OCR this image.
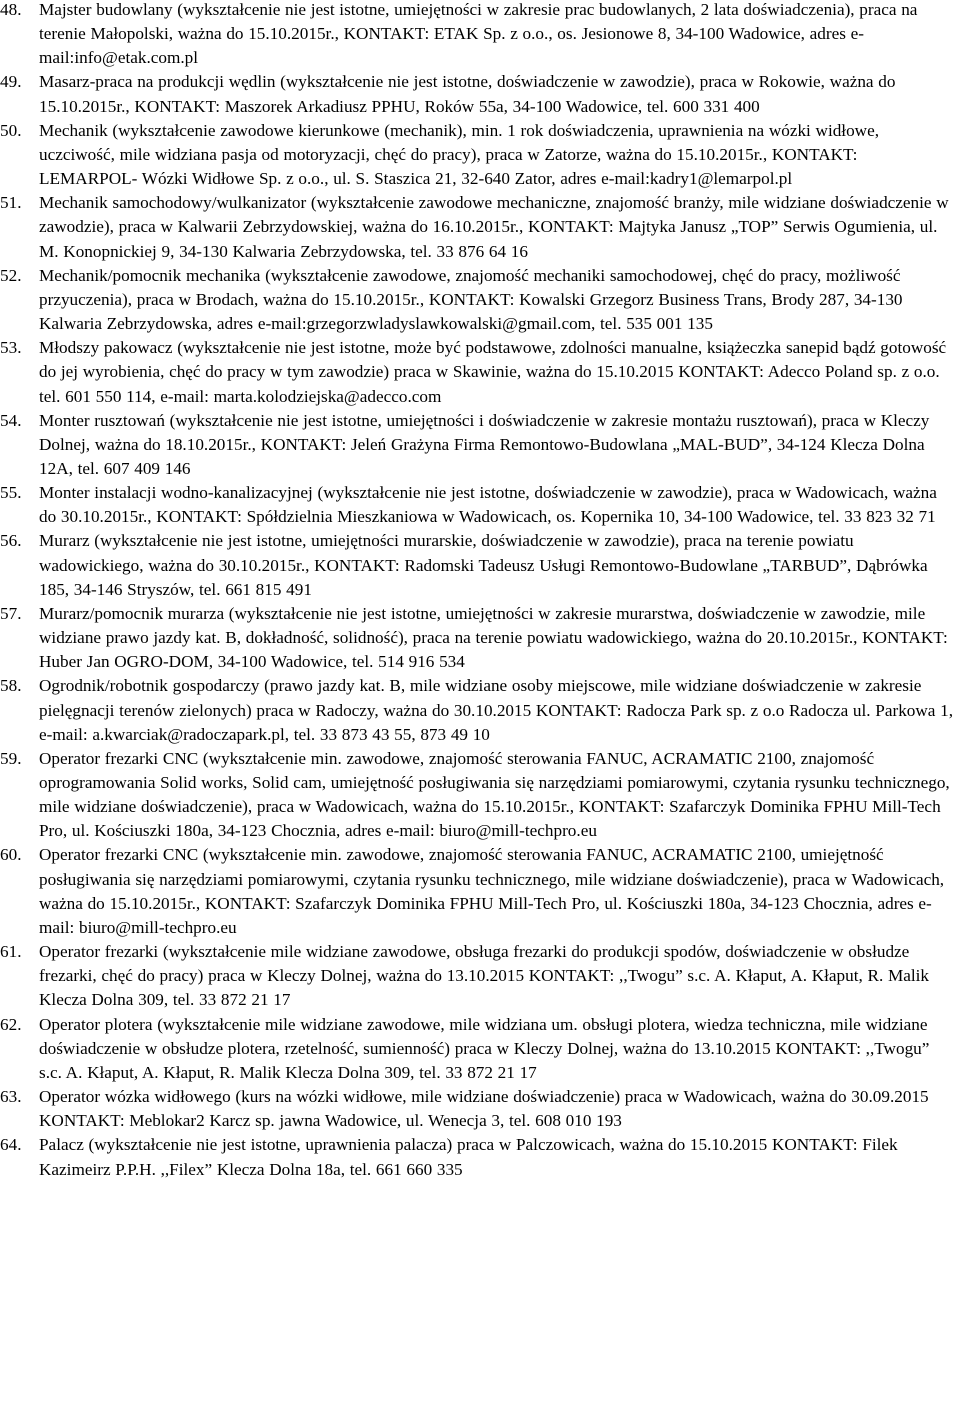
48.	Majster budowlany (wykształcenie nie jest istotne, umiejętności w zakresie prac budowlanych, 2 lata doświadczenia), praca na terenie Małopolski, ważna do 15.10.2015r., KONTAKT: ETAK Sp. z o.o., os. Jesionowe 8, 34-100 Wadowice, adres e-mail:info@etak.com.pl
49.	Masarz-praca na produkcji wędlin (wykształcenie nie jest istotne, doświadczenie w zawodzie), praca w Rokowie, ważna do 15.10.2015r., KONTAKT: Maszorek Arkadiusz PPHU, Roków 55a, 34-100 Wadowice, tel. 600 331 400
50.	Mechanik (wykształcenie zawodowe kierunkowe (mechanik), min. 1 rok doświadczenia, uprawnienia na wózki widłowe, uczciwość, mile widziana pasja od motoryzacji, chęć do pracy), praca w Zatorze, ważna do 15.10.2015r., KONTAKT: LEMARPOL- Wózki Widłowe Sp. z o.o., ul. S. Staszica 21, 32-640 Zator, adres e-mail:kadry1@lemarpol.pl
51.	Mechanik samochodowy/wulkanizator (wykształcenie zawodowe mechaniczne, znajomość branży, mile widziane doświadczenie w zawodzie), praca w Kalwarii Zebrzydowskiej, ważna do 16.10.2015r., KONTAKT: Majtyka Janusz „TOP” Serwis Ogumienia, ul. M. Konopnickiej 9, 34-130 Kalwaria Zebrzydowska, tel. 33 876 64 16
52.	Mechanik/pomocnik mechanika (wykształcenie zawodowe, znajomość mechaniki samochodowej, chęć do pracy, możliwość przyuczenia), praca w Brodach, ważna do 15.10.2015r., KONTAKT: Kowalski Grzegorz Business Trans, Brody 287, 34-130 Kalwaria Zebrzydowska, adres e-mail:grzegorzwladyslawkowalski@gmail.com, tel. 535 001 135
53.	Młodszy pakowacz (wykształcenie nie jest istotne, może być podstawowe, zdolności manualne, książeczka sanepid bądź gotowość do jej wyrobienia, chęć do pracy w tym zawodzie) praca w Skawinie, ważna do 15.10.2015 KONTAKT: Adecco Poland sp. z o.o. tel. 601 550 114, e-mail: marta.kolodziejska@adecco.com
54.	Monter rusztowań (wykształcenie nie jest istotne, umiejętności i doświadczenie w zakresie montażu rusztowań), praca w Kleczy Dolnej, ważna do 18.10.2015r., KONTAKT: Jeleń Grażyna Firma Remontowo-Budowlana „MAL-BUD”, 34-124 Klecza Dolna 12A, tel. 607 409 146
55.	Monter instalacji wodno-kanalizacyjnej (wykształcenie nie jest istotne, doświadczenie w zawodzie), praca w Wadowicach, ważna do 30.10.2015r., KONTAKT: Spółdzielnia Mieszkaniowa w Wadowicach, os. Kopernika 10, 34-100 Wadowice, tel. 33 823 32 71
56.	Murarz (wykształcenie nie jest istotne, umiejętności murarskie, doświadczenie w zawodzie), praca na terenie powiatu wadowickiego, ważna do 30.10.2015r., KONTAKT: Radomski Tadeusz Usługi Remontowo-Budowlane „TARBUD”, Dąbrówka 185, 34-146 Stryszów, tel. 661 815 491
57.	Murarz/pomocnik murarza (wykształcenie nie jest istotne, umiejętności w zakresie murarstwa, doświadczenie w zawodzie, mile widziane prawo jazdy kat. B, dokładność, solidność), praca na terenie powiatu wadowickiego, ważna do 20.10.2015r., KONTAKT: Huber Jan OGRO-DOM, 34-100 Wadowice, tel. 514 916 534
58.	Ogrodnik/robotnik gospodarczy (prawo jazdy kat. B, mile widziane osoby miejscowe, mile widziane doświadczenie w zakresie pielęgnacji terenów zielonych) praca w Radoczy, ważna do 30.10.2015 KONTAKT: Radocza Park sp. z o.o Radocza ul. Parkowa 1, e-mail: a.kwarciak@radoczapark.pl, tel. 33 873 43 55, 873 49 10
59.	Operator frezarki CNC (wykształcenie min. zawodowe, znajomość sterowania FANUC, ACRAMATIC 2100, znajomość oprogramowania Solid works, Solid cam, umiejętność posługiwania się narzędziami pomiarowymi, czytania rysunku technicznego, mile widziane doświadczenie), praca w Wadowicach, ważna do 15.10.2015r., KONTAKT: Szafarczyk Dominika FPHU Mill-Tech Pro, ul. Kościuszki 180a, 34-123 Chocznia, adres e-mail: biuro@mill-techpro.eu
60.	Operator frezarki CNC (wykształcenie min. zawodowe, znajomość sterowania FANUC, ACRAMATIC 2100, umiejętność posługiwania się narzędziami pomiarowymi, czytania rysunku technicznego, mile widziane doświadczenie), praca w Wadowicach, ważna do 15.10.2015r., KONTAKT: Szafarczyk Dominika FPHU Mill-Tech Pro, ul. Kościuszki 180a, 34-123 Chocznia, adres e-mail: biuro@mill-techpro.eu
61.	Operator frezarki (wykształcenie mile widziane zawodowe, obsługa frezarki do produkcji spodów, doświadczenie w obsłudze frezarki, chęć do pracy) praca w Kleczy Dolnej, ważna do 13.10.2015 KONTAKT: ,,Twogu” s.c. A. Kłaput, A. Kłaput, R. Malik Klecza Dolna 309, tel. 33 872 21 17
62.	Operator plotera (wykształcenie mile widziane zawodowe, mile widziana um. obsługi plotera, wiedza techniczna, mile widziane doświadczenie w obsłudze plotera, rzetelność, sumienność) praca w Kleczy Dolnej, ważna do 13.10.2015 KONTAKT: ,,Twogu” s.c. A. Kłaput, A. Kłaput, R. Malik Klecza Dolna 309, tel. 33 872 21 17
63.	Operator wózka widłowego (kurs na wózki widłowe, mile widziane doświadczenie) praca w Wadowicach, ważna do 30.09.2015 KONTAKT: Meblokar2 Karcz sp. jawna Wadowice, ul. Wenecja 3, tel. 608 010 193
64.	Palacz (wykształcenie nie jest istotne, uprawnienia palacza) praca w Palczowicach, ważna do 15.10.2015 KONTAKT: Filek Kazimeirz P.P.H. ,,Filex” Klecza Dolna 18a, tel. 661 660 335
